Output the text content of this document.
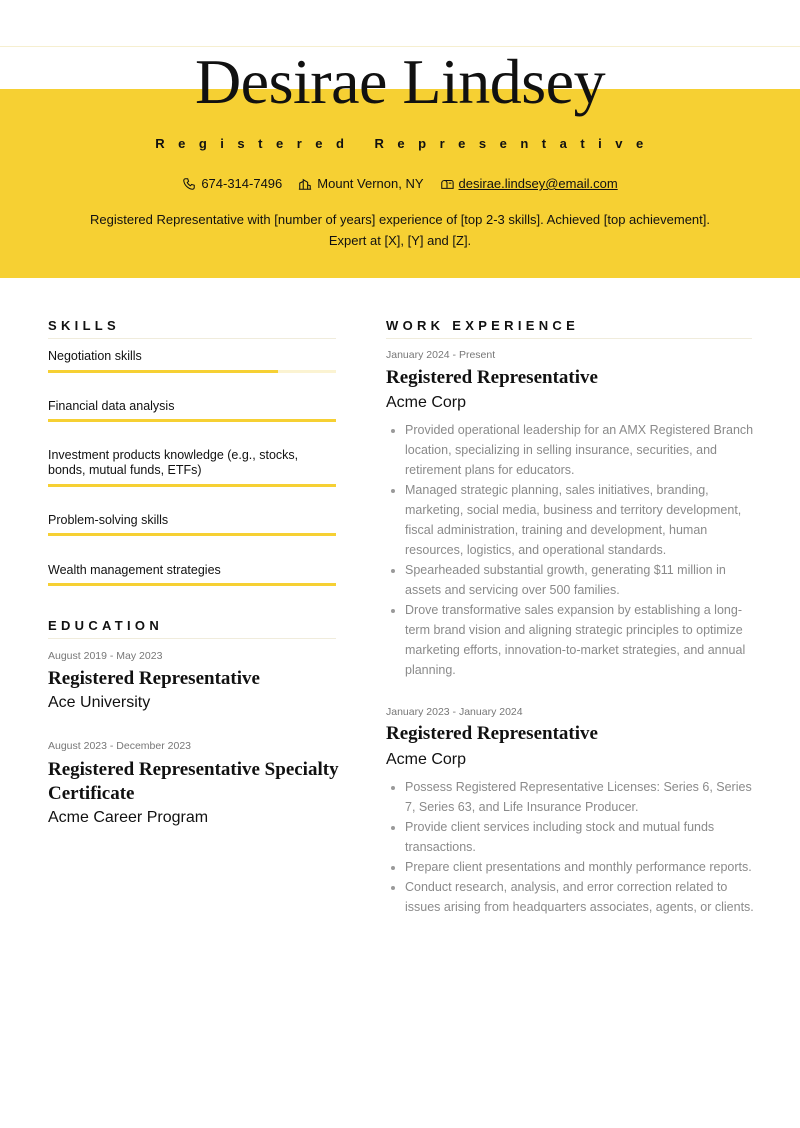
Desirae Lindsey
Registered Representative
674-314-7496	Mount Vernon, NY	desirae.lindsey@email.com
Registered Representative with [number of years] experience of [top 2-3 skills]. Achieved [top achievement]. Expert at [X], [Y] and [Z].
SKILLS
Negotiation skills
Financial data analysis
Investment products knowledge (e.g., stocks, bonds, mutual funds, ETFs)
Problem-solving skills
Wealth management strategies
EDUCATION
August 2019 - May 2023
Registered Representative
Ace University
August 2023 - December 2023
Registered Representative Specialty Certificate
Acme Career Program
WORK EXPERIENCE
January 2024 - Present
Registered Representative
Acme Corp
• Provided operational leadership for an AMX Registered Branch location, specializing in selling insurance, securities, and retirement plans for educators.
• Managed strategic planning, sales initiatives, branding, marketing, social media, business and territory development, fiscal administration, training and development, human resources, logistics, and operational standards.
• Spearheaded substantial growth, generating $11 million in assets and servicing over 500 families.
• Drove transformative sales expansion by establishing a long-term brand vision and aligning strategic principles to optimize marketing efforts, innovation-to-market strategies, and annual planning.
January 2023 - January 2024
Registered Representative
Acme Corp
• Possess Registered Representative Licenses: Series 6, Series 7, Series 63, and Life Insurance Producer.
• Provide client services including stock and mutual funds transactions.
• Prepare client presentations and monthly performance reports.
• Conduct research, analysis, and error correction related to issues arising from headquarters associates, agents, or clients.
